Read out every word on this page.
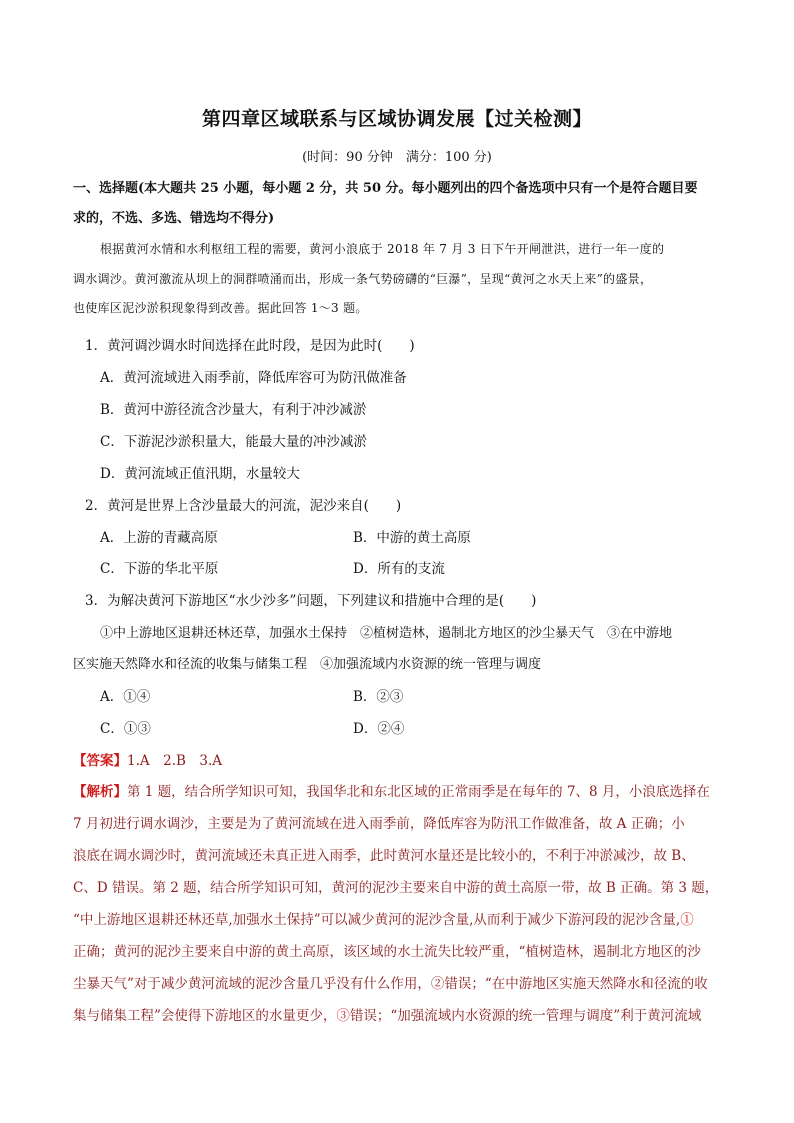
第四章区域联系与区域协调发展【过关检测】
(时间：90 分钟　满分：100 分)
一、选择题(本大题共 25 小题，每小题 2 分，共 50 分。每小题列出的四个备选项中只有一个是符合题目要
求的，不选、多选、错选均不得分)
根据黄河水情和水利枢纽工程的需要，黄河小浪底于 2018 年 7 月 3 日下午开闸泄洪，进行一年一度的
调水调沙。黄河激流从坝上的洞群喷涌而出，形成一条气势磅礴的“巨瀑”，呈现“黄河之水天上来”的盛景，
也使库区泥沙淤积现象得到改善。据此回答 1～3 题。
1．黄河调沙调水时间选择在此时段，是因为此时(　　)
A．黄河流域进入雨季前，降低库容可为防汛做准备
B．黄河中游径流含沙量大，有利于冲沙减淤
C．下游泥沙淤积量大，能最大量的冲沙减淤
D．黄河流域正值汛期，水量较大
2．黄河是世界上含沙量最大的河流，泥沙来自(　　)
A．上游的青藏高原	B．中游的黄土高原
C．下游的华北平原	D．所有的支流
3．为解决黄河下游地区“水少沙多”问题，下列建议和措施中合理的是(　　)
①中上游地区退耕还林还草，加强水土保持　②植树造林，遏制北方地区的沙尘暴天气　③在中游地
区实施天然降水和径流的收集与储集工程　④加强流域内水资源的统一管理与调度
A．①④	B．②③
C．①③	D．②④
【答案】1.A　2.B　3.A
【解析】第 1 题，结合所学知识可知，我国华北和东北区域的正常雨季是在每年的 7、8 月，小浪底选择在
7 月初进行调水调沙，主要是为了黄河流域在进入雨季前，降低库容为防汛工作做准备，故 A 正确；小
浪底在调水调沙时，黄河流域还未真正进入雨季，此时黄河水量还是比较小的，不利于冲淤减沙，故 B、
C、D 错误。第 2 题，结合所学知识可知，黄河的泥沙主要来自中游的黄土高原一带，故 B 正确。第 3 题，
“中上游地区退耕还林还草,加强水土保持”可以减少黄河的泥沙含量,从而利于减少下游河段的泥沙含量,①
正确；黄河的泥沙主要来自中游的黄土高原，该区域的水土流失比较严重，“植树造林，遏制北方地区的沙
尘暴天气”对于减少黄河流域的泥沙含量几乎没有什么作用，②错误；“在中游地区实施天然降水和径流的收
集与储集工程”会使得下游地区的水量更少，③错误；“加强流域内水资源的统一管理与调度”利于黄河流域
